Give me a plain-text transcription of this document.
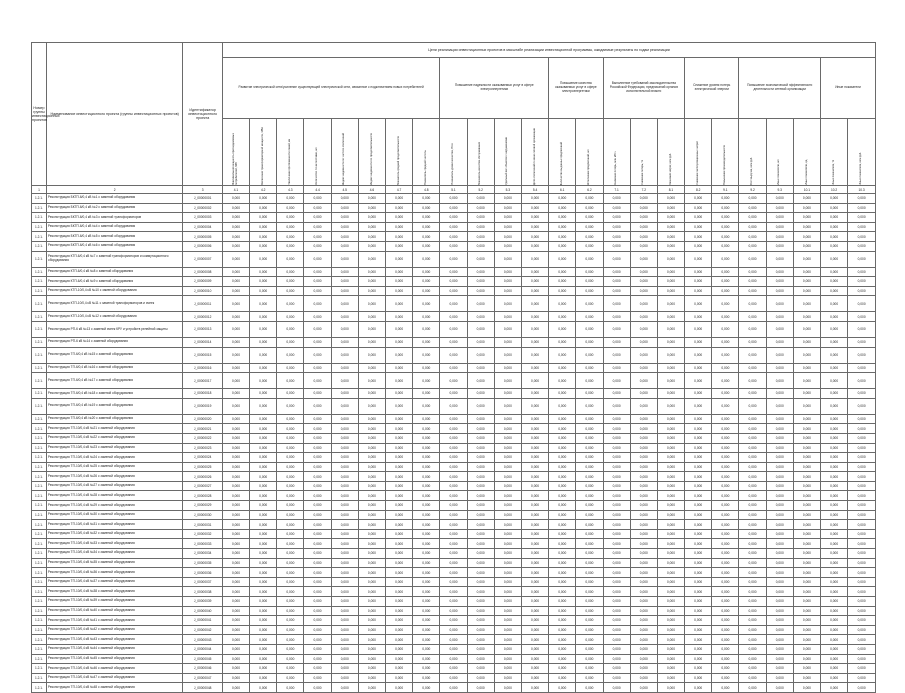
Номер группы инвестиционных проектов	Наименование инвестиционного проекта (группы инвестиционных проектов)	Идентификатор инвестиционного проекта	Цели реализации инвестиционных проектов в масштабе реализации инвестиционной программы, ожидаемые результаты по годам реализации																							
			Развитие электрической сети/усиление существующей электрической сети, связанное с подключением новых потребителей								Повышение надежности оказываемых услуг в сфере электроэнергетики				Повышение качества оказываемых услуг в сфере электроэнергетики		Выполнение требований законодательства Российской Федерации, предписаний органов исполнительной власти			Снижение уровня потерь электрической энергии		Повышение экономической эффективности деятельности сетевой организации			Иные показатели	

			Максимальная мощность присоединяемых потребителей, МВт	Увеличение трансформаторной мощности, МВА	Увеличение протяженности линий, км	Количество точек поставки, шт.	Индекс надежности по частоте отключений	Индекс надежности по продолжительности	Показатель средней продолжительности	Показатель средней частоты	Показатель уровня качества, Птсо	Показатель качества обслуживания	Удельный вес объектов с нарушениями	Доля отключений по вине сетевой организации	Количество выданных предписаний	Исполнение предписаний, шт.	Снижение потерь, млн кВт·ч	Снижение потерь, %	Экономия затрат, млн руб.	Снижение эксплуатационных затрат	Повышение производительности	Рост выручки, млн руб.	Иные показатели, шт.	Иные показатели, ед.	Иные показатели, %	Иные показатели, млн руб.

1	2	3	4.1	4.2	4.3	4.4	4.5	4.6	4.7	4.8	5.1	5.2	5.3	5.4	6.1	6.2	7.1	7.2	8.1	8.2	9.1	9.2	9.3	10.1	10.2	10.3
1.2.1.	Реконструкция БКТП-6/0,4 кВ №1 с заменой оборудования	J_00000001	0,000	0,000	0,000	0,000	0,000	0,000	0,000	0,000	0,000	0,000	0,000	0,000	0,000	0,000	0,000	0,000	0,000	0,000	0,000	0,000	0,000	0,000	0,000	0,000
1.2.1.	Реконструкция БКТП-6/0,4 кВ №2 с заменой оборудования	J_00000002	0,000	0,000	0,000	0,000	0,000	0,000	0,000	0,000	0,000	0,000	0,000	0,000	0,000	0,000	0,000	0,000	0,000	0,000	0,000	0,000	0,000	0,000	0,000	0,000
1.2.1.	Реконструкция БКТП-6/0,4 кВ №3 с заменой трансформаторов	J_00000003	0,000	0,000	0,000	0,000	0,000	0,000	0,000	0,000	0,000	0,000	0,000	0,000	0,000	0,000	0,000	0,000	0,000	0,000	0,000	0,000	0,000	0,000	0,000	0,000
1.2.1.	Реконструкция БКТП-6/0,4 кВ №4 с заменой оборудования	J_00000004	0,000	0,000	0,000	0,000	0,000	0,000	0,000	0,000	0,000	0,000	0,000	0,000	0,000	0,000	0,000	0,000	0,000	0,000	0,000	0,000	0,000	0,000	0,000	0,000
1.2.1.	Реконструкция БКТП-6/0,4 кВ №5 с заменой оборудования	J_00000005	0,000	0,000	0,000	0,000	0,000	0,000	0,000	0,000	0,000	0,000	0,000	0,000	0,000	0,000	0,000	0,000	0,000	0,000	0,000	0,000	0,000	0,000	0,000	0,000
1.2.1.	Реконструкция БКТП-6/0,4 кВ №6 с заменой оборудования	J_00000006	0,000	0,000	0,000	0,000	0,000	0,000	0,000	0,000	0,000	0,000	0,000	0,000	0,000	0,000	0,000	0,000	0,000	0,000	0,000	0,000	0,000	0,000	0,000	0,000
1.2.1.	Реконструкция КТП-6/0,4 кВ №7 с заменой трансформаторов и коммутационного оборудования	J_00000007	0,000	0,000	0,000	0,000	0,000	0,000	0,000	0,000	0,000	0,000	0,000	0,000	0,000	0,000	0,000	0,000	0,000	0,000	0,000	0,000	0,000	0,000	0,000	0,000
1.2.1.	Реконструкция КТП-6/0,4 кВ №8 с заменой оборудования	J_00000008	0,000	0,000	0,000	0,000	0,000	0,000	0,000	0,000	0,000	0,000	0,000	0,000	0,000	0,000	0,000	0,000	0,000	0,000	0,000	0,000	0,000	0,000	0,000	0,000
1.2.1.	Реконструкция КТП-6/0,4 кВ №9 с заменой оборудования	J_00000009	0,000	0,000	0,000	0,000	0,000	0,000	0,000	0,000	0,000	0,000	0,000	0,000	0,000	0,000	0,000	0,000	0,000	0,000	0,000	0,000	0,000	0,000	0,000	0,000
1.2.1.	Реконструкция КТП-10/0,4 кВ №10 с заменой оборудования	J_00000010	0,000	0,000	0,000	0,000	0,000	0,000	0,000	0,000	0,000	0,000	0,000	0,000	0,000	0,000	0,000	0,000	0,000	0,000	0,000	0,000	0,000	0,000	0,000	0,000
1.2.1.	Реконструкция КТП-10/0,4 кВ №11 с заменой трансформаторов и ячеек	J_00000011	0,000	0,000	0,000	0,000	0,000	0,000	0,000	0,000	0,000	0,000	0,000	0,000	0,000	0,000	0,000	0,000	0,000	0,000	0,000	0,000	0,000	0,000	0,000	0,000
1.2.1.	Реконструкция КТП-10/0,4 кВ №12 с заменой оборудования	J_00000012	0,000	0,000	0,000	0,000	0,000	0,000	0,000	0,000	0,000	0,000	0,000	0,000	0,000	0,000	0,000	0,000	0,000	0,000	0,000	0,000	0,000	0,000	0,000	0,000
1.2.1.	Реконструкция РП-6 кВ №13 с заменой ячеек КРУ и устройств релейной защиты	J_00000013	0,000	0,000	0,000	0,000	0,000	0,000	0,000	0,000	0,000	0,000	0,000	0,000	0,000	0,000	0,000	0,000	0,000	0,000	0,000	0,000	0,000	0,000	0,000	0,000
1.2.1.	Реконструкция РП-6 кВ №14 с заменой оборудования	J_00000014	0,000	0,000	0,000	0,000	0,000	0,000	0,000	0,000	0,000	0,000	0,000	0,000	0,000	0,000	0,000	0,000	0,000	0,000	0,000	0,000	0,000	0,000	0,000	0,000
1.2.1.	Реконструкция ТП-6/0,4 кВ №15 с заменой оборудования	J_00000015	0,000	0,000	0,000	0,000	0,000	0,000	0,000	0,000	0,000	0,000	0,000	0,000	0,000	0,000	0,000	0,000	0,000	0,000	0,000	0,000	0,000	0,000	0,000	0,000
1.2.1.	Реконструкция ТП-6/0,4 кВ №16 с заменой оборудования	J_00000016	0,000	0,000	0,000	0,000	0,000	0,000	0,000	0,000	0,000	0,000	0,000	0,000	0,000	0,000	0,000	0,000	0,000	0,000	0,000	0,000	0,000	0,000	0,000	0,000
1.2.1.	Реконструкция ТП-6/0,4 кВ №17 с заменой оборудования	J_00000017	0,000	0,000	0,000	0,000	0,000	0,000	0,000	0,000	0,000	0,000	0,000	0,000	0,000	0,000	0,000	0,000	0,000	0,000	0,000	0,000	0,000	0,000	0,000	0,000
1.2.1.	Реконструкция ТП-6/0,4 кВ №18 с заменой оборудования	J_00000018	0,000	0,000	0,000	0,000	0,000	0,000	0,000	0,000	0,000	0,000	0,000	0,000	0,000	0,000	0,000	0,000	0,000	0,000	0,000	0,000	0,000	0,000	0,000	0,000
1.2.1.	Реконструкция ТП-6/0,4 кВ №19 с заменой оборудования	J_00000019	0,000	0,000	0,000	0,000	0,000	0,000	0,000	0,000	0,000	0,000	0,000	0,000	0,000	0,000	0,000	0,000	0,000	0,000	0,000	0,000	0,000	0,000	0,000	0,000
1.2.1.	Реконструкция ТП-6/0,4 кВ №20 с заменой оборудования	J_00000020	0,000	0,000	0,000	0,000	0,000	0,000	0,000	0,000	0,000	0,000	0,000	0,000	0,000	0,000	0,000	0,000	0,000	0,000	0,000	0,000	0,000	0,000	0,000	0,000
1.2.1.	Реконструкция ТП-10/0,4 кВ №21 с заменой оборудования	J_00000021	0,000	0,000	0,000	0,000	0,000	0,000	0,000	0,000	0,000	0,000	0,000	0,000	0,000	0,000	0,000	0,000	0,000	0,000	0,000	0,000	0,000	0,000	0,000	0,000
1.2.1.	Реконструкция ТП-10/0,4 кВ №22 с заменой оборудования	J_00000022	0,000	0,000	0,000	0,000	0,000	0,000	0,000	0,000	0,000	0,000	0,000	0,000	0,000	0,000	0,000	0,000	0,000	0,000	0,000	0,000	0,000	0,000	0,000	0,000
1.2.1.	Реконструкция ТП-10/0,4 кВ №23 с заменой оборудования	J_00000023	0,000	0,000	0,000	0,000	0,000	0,000	0,000	0,000	0,000	0,000	0,000	0,000	0,000	0,000	0,000	0,000	0,000	0,000	0,000	0,000	0,000	0,000	0,000	0,000
1.2.1.	Реконструкция ТП-10/0,4 кВ №24 с заменой оборудования	J_00000024	0,000	0,000	0,000	0,000	0,000	0,000	0,000	0,000	0,000	0,000	0,000	0,000	0,000	0,000	0,000	0,000	0,000	0,000	0,000	0,000	0,000	0,000	0,000	0,000
1.2.1.	Реконструкция ТП-10/0,4 кВ №25 с заменой оборудования	J_00000025	0,000	0,000	0,000	0,000	0,000	0,000	0,000	0,000	0,000	0,000	0,000	0,000	0,000	0,000	0,000	0,000	0,000	0,000	0,000	0,000	0,000	0,000	0,000	0,000
1.2.1.	Реконструкция ТП-10/0,4 кВ №26 с заменой оборудования	J_00000026	0,000	0,000	0,000	0,000	0,000	0,000	0,000	0,000	0,000	0,000	0,000	0,000	0,000	0,000	0,000	0,000	0,000	0,000	0,000	0,000	0,000	0,000	0,000	0,000
1.2.1.	Реконструкция ТП-10/0,4 кВ №27 с заменой оборудования	J_00000027	0,000	0,000	0,000	0,000	0,000	0,000	0,000	0,000	0,000	0,000	0,000	0,000	0,000	0,000	0,000	0,000	0,000	0,000	0,000	0,000	0,000	0,000	0,000	0,000
1.2.1.	Реконструкция ТП-10/0,4 кВ №28 с заменой оборудования	J_00000028	0,000	0,000	0,000	0,000	0,000	0,000	0,000	0,000	0,000	0,000	0,000	0,000	0,000	0,000	0,000	0,000	0,000	0,000	0,000	0,000	0,000	0,000	0,000	0,000
1.2.1.	Реконструкция ТП-10/0,4 кВ №29 с заменой оборудования	J_00000029	0,000	0,000	0,000	0,000	0,000	0,000	0,000	0,000	0,000	0,000	0,000	0,000	0,000	0,000	0,000	0,000	0,000	0,000	0,000	0,000	0,000	0,000	0,000	0,000
1.2.1.	Реконструкция ТП-10/0,4 кВ №30 с заменой оборудования	J_00000030	0,000	0,000	0,000	0,000	0,000	0,000	0,000	0,000	0,000	0,000	0,000	0,000	0,000	0,000	0,000	0,000	0,000	0,000	0,000	0,000	0,000	0,000	0,000	0,000
1.2.1.	Реконструкция ТП-10/0,4 кВ №31 с заменой оборудования	J_00000031	0,000	0,000	0,000	0,000	0,000	0,000	0,000	0,000	0,000	0,000	0,000	0,000	0,000	0,000	0,000	0,000	0,000	0,000	0,000	0,000	0,000	0,000	0,000	0,000
1.2.1.	Реконструкция ТП-10/0,4 кВ №32 с заменой оборудования	J_00000032	0,000	0,000	0,000	0,000	0,000	0,000	0,000	0,000	0,000	0,000	0,000	0,000	0,000	0,000	0,000	0,000	0,000	0,000	0,000	0,000	0,000	0,000	0,000	0,000
1.2.1.	Реконструкция ТП-10/0,4 кВ №33 с заменой оборудования	J_00000033	0,000	0,000	0,000	0,000	0,000	0,000	0,000	0,000	0,000	0,000	0,000	0,000	0,000	0,000	0,000	0,000	0,000	0,000	0,000	0,000	0,000	0,000	0,000	0,000
1.2.1.	Реконструкция ТП-10/0,4 кВ №34 с заменой оборудования	J_00000034	0,000	0,000	0,000	0,000	0,000	0,000	0,000	0,000	0,000	0,000	0,000	0,000	0,000	0,000	0,000	0,000	0,000	0,000	0,000	0,000	0,000	0,000	0,000	0,000
1.2.1.	Реконструкция ТП-10/0,4 кВ №35 с заменой оборудования	J_00000035	0,000	0,000	0,000	0,000	0,000	0,000	0,000	0,000	0,000	0,000	0,000	0,000	0,000	0,000	0,000	0,000	0,000	0,000	0,000	0,000	0,000	0,000	0,000	0,000
1.2.1.	Реконструкция ТП-10/0,4 кВ №36 с заменой оборудования	J_00000036	0,000	0,000	0,000	0,000	0,000	0,000	0,000	0,000	0,000	0,000	0,000	0,000	0,000	0,000	0,000	0,000	0,000	0,000	0,000	0,000	0,000	0,000	0,000	0,000
1.2.1.	Реконструкция ТП-10/0,4 кВ №37 с заменой оборудования	J_00000037	0,000	0,000	0,000	0,000	0,000	0,000	0,000	0,000	0,000	0,000	0,000	0,000	0,000	0,000	0,000	0,000	0,000	0,000	0,000	0,000	0,000	0,000	0,000	0,000
1.2.1.	Реконструкция ТП-10/0,4 кВ №38 с заменой оборудования	J_00000038	0,000	0,000	0,000	0,000	0,000	0,000	0,000	0,000	0,000	0,000	0,000	0,000	0,000	0,000	0,000	0,000	0,000	0,000	0,000	0,000	0,000	0,000	0,000	0,000
1.2.1.	Реконструкция ТП-10/0,4 кВ №39 с заменой оборудования	J_00000039	0,000	0,000	0,000	0,000	0,000	0,000	0,000	0,000	0,000	0,000	0,000	0,000	0,000	0,000	0,000	0,000	0,000	0,000	0,000	0,000	0,000	0,000	0,000	0,000
1.2.1.	Реконструкция ТП-10/0,4 кВ №40 с заменой оборудования	J_00000040	0,000	0,000	0,000	0,000	0,000	0,000	0,000	0,000	0,000	0,000	0,000	0,000	0,000	0,000	0,000	0,000	0,000	0,000	0,000	0,000	0,000	0,000	0,000	0,000
1.2.1.	Реконструкция ТП-10/0,4 кВ №41 с заменой оборудования	J_00000041	0,000	0,000	0,000	0,000	0,000	0,000	0,000	0,000	0,000	0,000	0,000	0,000	0,000	0,000	0,000	0,000	0,000	0,000	0,000	0,000	0,000	0,000	0,000	0,000
1.2.1.	Реконструкция ТП-10/0,4 кВ №42 с заменой оборудования	J_00000042	0,000	0,000	0,000	0,000	0,000	0,000	0,000	0,000	0,000	0,000	0,000	0,000	0,000	0,000	0,000	0,000	0,000	0,000	0,000	0,000	0,000	0,000	0,000	0,000
1.2.1.	Реконструкция ТП-10/0,4 кВ №43 с заменой оборудования	J_00000043	0,000	0,000	0,000	0,000	0,000	0,000	0,000	0,000	0,000	0,000	0,000	0,000	0,000	0,000	0,000	0,000	0,000	0,000	0,000	0,000	0,000	0,000	0,000	0,000
1.2.1.	Реконструкция ТП-10/0,4 кВ №44 с заменой оборудования	J_00000044	0,000	0,000	0,000	0,000	0,000	0,000	0,000	0,000	0,000	0,000	0,000	0,000	0,000	0,000	0,000	0,000	0,000	0,000	0,000	0,000	0,000	0,000	0,000	0,000
1.2.1.	Реконструкция ТП-10/0,4 кВ №45 с заменой оборудования	J_00000045	0,000	0,000	0,000	0,000	0,000	0,000	0,000	0,000	0,000	0,000	0,000	0,000	0,000	0,000	0,000	0,000	0,000	0,000	0,000	0,000	0,000	0,000	0,000	0,000
1.2.1.	Реконструкция ТП-10/0,4 кВ №46 с заменой оборудования	J_00000046	0,000	0,000	0,000	0,000	0,000	0,000	0,000	0,000	0,000	0,000	0,000	0,000	0,000	0,000	0,000	0,000	0,000	0,000	0,000	0,000	0,000	0,000	0,000	0,000
1.2.1.	Реконструкция ТП-10/0,4 кВ №47 с заменой оборудования	J_00000047	0,000	0,000	0,000	0,000	0,000	0,000	0,000	0,000	0,000	0,000	0,000	0,000	0,000	0,000	0,000	0,000	0,000	0,000	0,000	0,000	0,000	0,000	0,000	0,000
1.2.1.	Реконструкция ТП-10/0,4 кВ №48 с заменой оборудования	J_00000048	0,000	0,000	0,000	0,000	0,000	0,000	0,000	0,000	0,000	0,000	0,000	0,000	0,000	0,000	0,000	0,000	0,000	0,000	0,000	0,000	0,000	0,000	0,000	0,000
